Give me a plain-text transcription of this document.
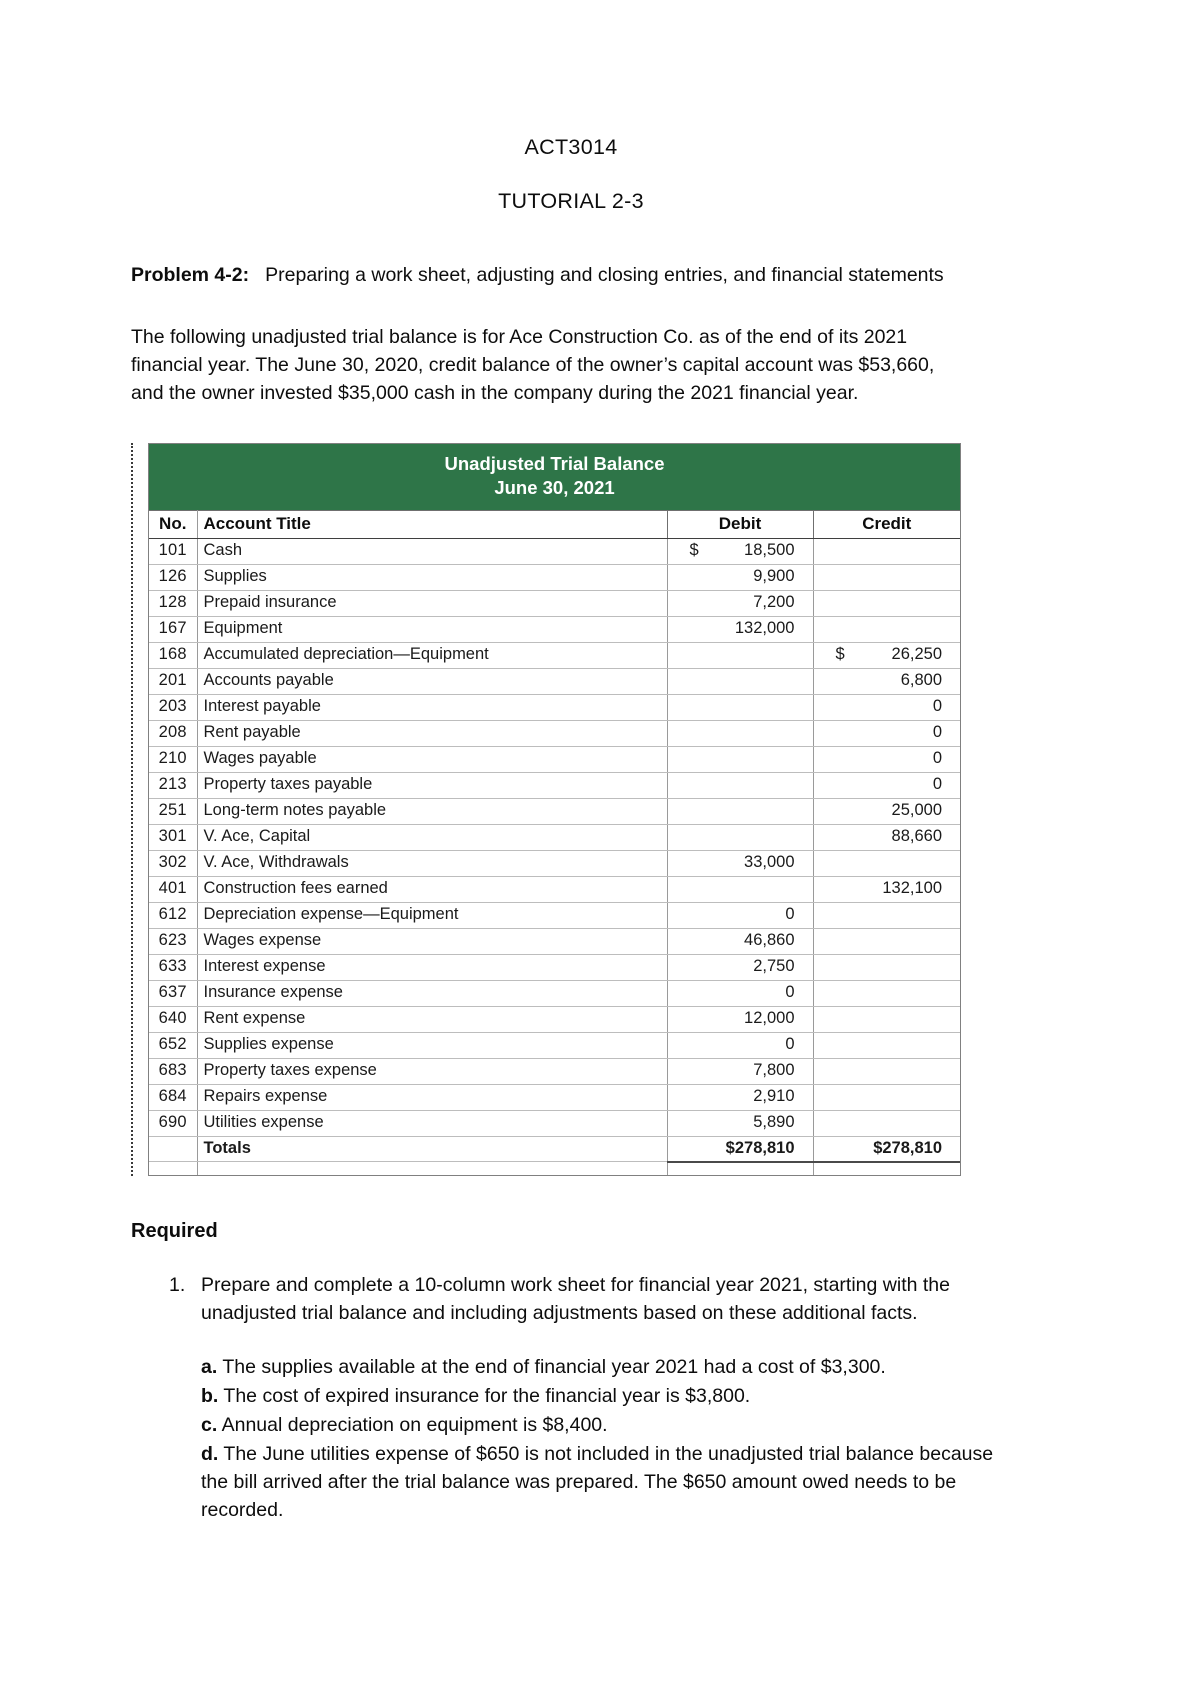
ACT3014
TUTORIAL 2-3
Problem 4-2: Preparing a work sheet, adjusting and closing entries, and financial statements

The following unadjusted trial balance is for Ace Construction Co. as of the end of its 2021

financial year. The June 30, 2020, credit balance of the owner’s capital account was $53,660,

and the owner invested $35,000 cash in the company during the 2021 financial year.

Unadjusted Trial Balance
June 30, 2021			

No.	Account Title	Debit	Credit
101	Cash	$ 18,500	
126	Supplies	9,900	
128	Prepaid insurance	7,200	
167	Equipment	132,000	
168	Accumulated depreciation—Equipment		$ 26,250
201	Accounts payable		6,800
203	Interest payable		0
208	Rent payable		0
210	Wages payable		0
213	Property taxes payable		0
251	Long-term notes payable		25,000
301	V. Ace, Capital		88,660
302	V. Ace, Withdrawals	33,000	
401	Construction fees earned		132,100
612	Depreciation expense—Equipment	0	
623	Wages expense	46,860	
633	Interest expense	2,750	
637	Insurance expense	0	
640	Rent expense	12,000	
652	Supplies expense	0	
683	Property taxes expense	7,800	
684	Repairs expense	2,910	
690	Utilities expense	5,890	
	Totals	$278,810	$278,810

Required
1. Prepare and complete a 10-column work sheet for financial year 2021, starting with the unadjusted trial balance and including adjustments based on these additional facts.
a. The supplies available at the end of financial year 2021 had a cost of $3,300.
b. The cost of expired insurance for the financial year is $3,800.
c. Annual depreciation on equipment is $8,400.
d. The June utilities expense of $650 is not included in the unadjusted trial balance because the bill arrived after the trial balance was prepared. The $650 amount owed needs to be recorded.
